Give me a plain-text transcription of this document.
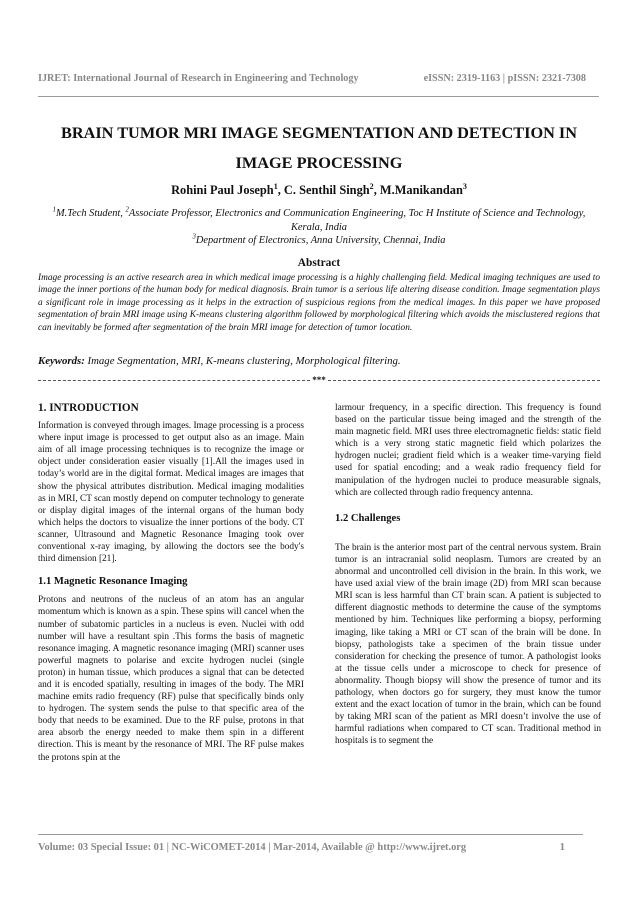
IJRET: International Journal of Research in Engineering and Technology	eISSN: 2319-1163 | pISSN: 2321-7308
BRAIN TUMOR MRI IMAGE SEGMENTATION AND DETECTION IN IMAGE PROCESSING
Rohini Paul Joseph$^1$, C. Senthil Singh$^2$, M.Manikandan$^3$
$^1$M.Tech Student, $^2$Associate Professor, Electronics and Communication Engineering, Toc H Institute of Science and Technology, Kerala, India
$^3$Department of Electronics, Anna University, Chennai, India
Abstract

Image processing is an active research area in which medical image processing is a highly challenging field. Medical imaging techniques are used to image the inner portions of the human body for medical diagnosis. Brain tumor is a serious life altering disease condition. Image segmentation plays a significant role in image processing as it helps in the extraction of suspicious regions from the medical images. In this paper we have proposed segmentation of brain MRI image using K-means clustering algorithm followed by morphological filtering which avoids the misclustered regions that can inevitably be formed after segmentation of the brain MRI image for detection of tumor location.

Keywords: Image Segmentation, MRI, K-means clustering, Morphological filtering.
***
1. INTRODUCTION

Information is conveyed through images. Image processing is a process where input image is processed to get output also as an image. Main aim of all image processing techniques is to recognize the image or object under consideration easier visually [1].All the images used in today’s world are in the digital format. Medical images are images that show the physical attributes distribution. Medical imaging modalities as in MRI, CT scan mostly depend on computer technology to generate or display digital images of the internal organs of the human body which helps the doctors to visualize the inner portions of the body. CT scanner, Ultrasound and Magnetic Resonance Imaging took over conventional x-ray imaging, by allowing the doctors see the body's third dimension [21].

1.1 Magnetic Resonance Imaging

Protons and neutrons of the nucleus of an atom has an angular momentum which is known as a spin. These spins will cancel when the number of subatomic particles in a nucleus is even. Nuclei with odd number will have a resultant spin .This forms the basis of magnetic resonance imaging. A magnetic resonance imaging (MRI) scanner uses powerful magnets to polarise and excite hydrogen nuclei (single proton) in human tissue, which produces a signal that can be detected and it is encoded spatially, resulting in images of the body. The MRI machine emits radio frequency (RF) pulse that specifically binds only to hydrogen. The system sends the pulse to that specific area of the body that needs to be examined. Due to the RF pulse, protons in that area absorb the energy needed to make them spin in a different direction. This is meant by the resonance of MRI. The RF pulse makes the protons spin at the

larmour frequency, in a specific direction. This frequency is found based on the particular tissue being imaged and the strength of the main magnetic field. MRI uses three electromagnetic fields: static field which is a very strong static magnetic field which polarizes the hydrogen nuclei; gradient field which is a weaker time-varying field used for spatial encoding; and a weak radio frequency field for manipulation of the hydrogen nuclei to produce measurable signals, which are collected through radio frequency antenna.

1.2 Challenges

The brain is the anterior most part of the central nervous system. Brain tumor is an intracranial solid neoplasm. Tumors are created by an abnormal and uncontrolled cell division in the brain. In this work, we have used axial view of the brain image (2D) from MRI scan because MRI scan is less harmful than CT brain scan. A patient is subjected to different diagnostic methods to determine the cause of the symptoms mentioned by him. Techniques like performing a biopsy, performing imaging, like taking a MRI or CT scan of the brain will be done. In biopsy, pathologists take a specimen of the brain tissue under consideration for checking the presence of tumor. A pathologist looks at the tissue cells under a microscope to check for presence of abnormality. Though biopsy will show the presence of tumor and its pathology, when doctors go for surgery, they must know the tumor extent and the exact location of tumor in the brain, which can be found by taking MRI scan of the patient as MRI doesn’t involve the use of harmful radiations when compared to CT scan. Traditional method in hospitals is to segment the

Volume: 03 Special Issue: 01 | NC-WiCOMET-2014 | Mar-2014, Available @ http://www.ijret.org	1
